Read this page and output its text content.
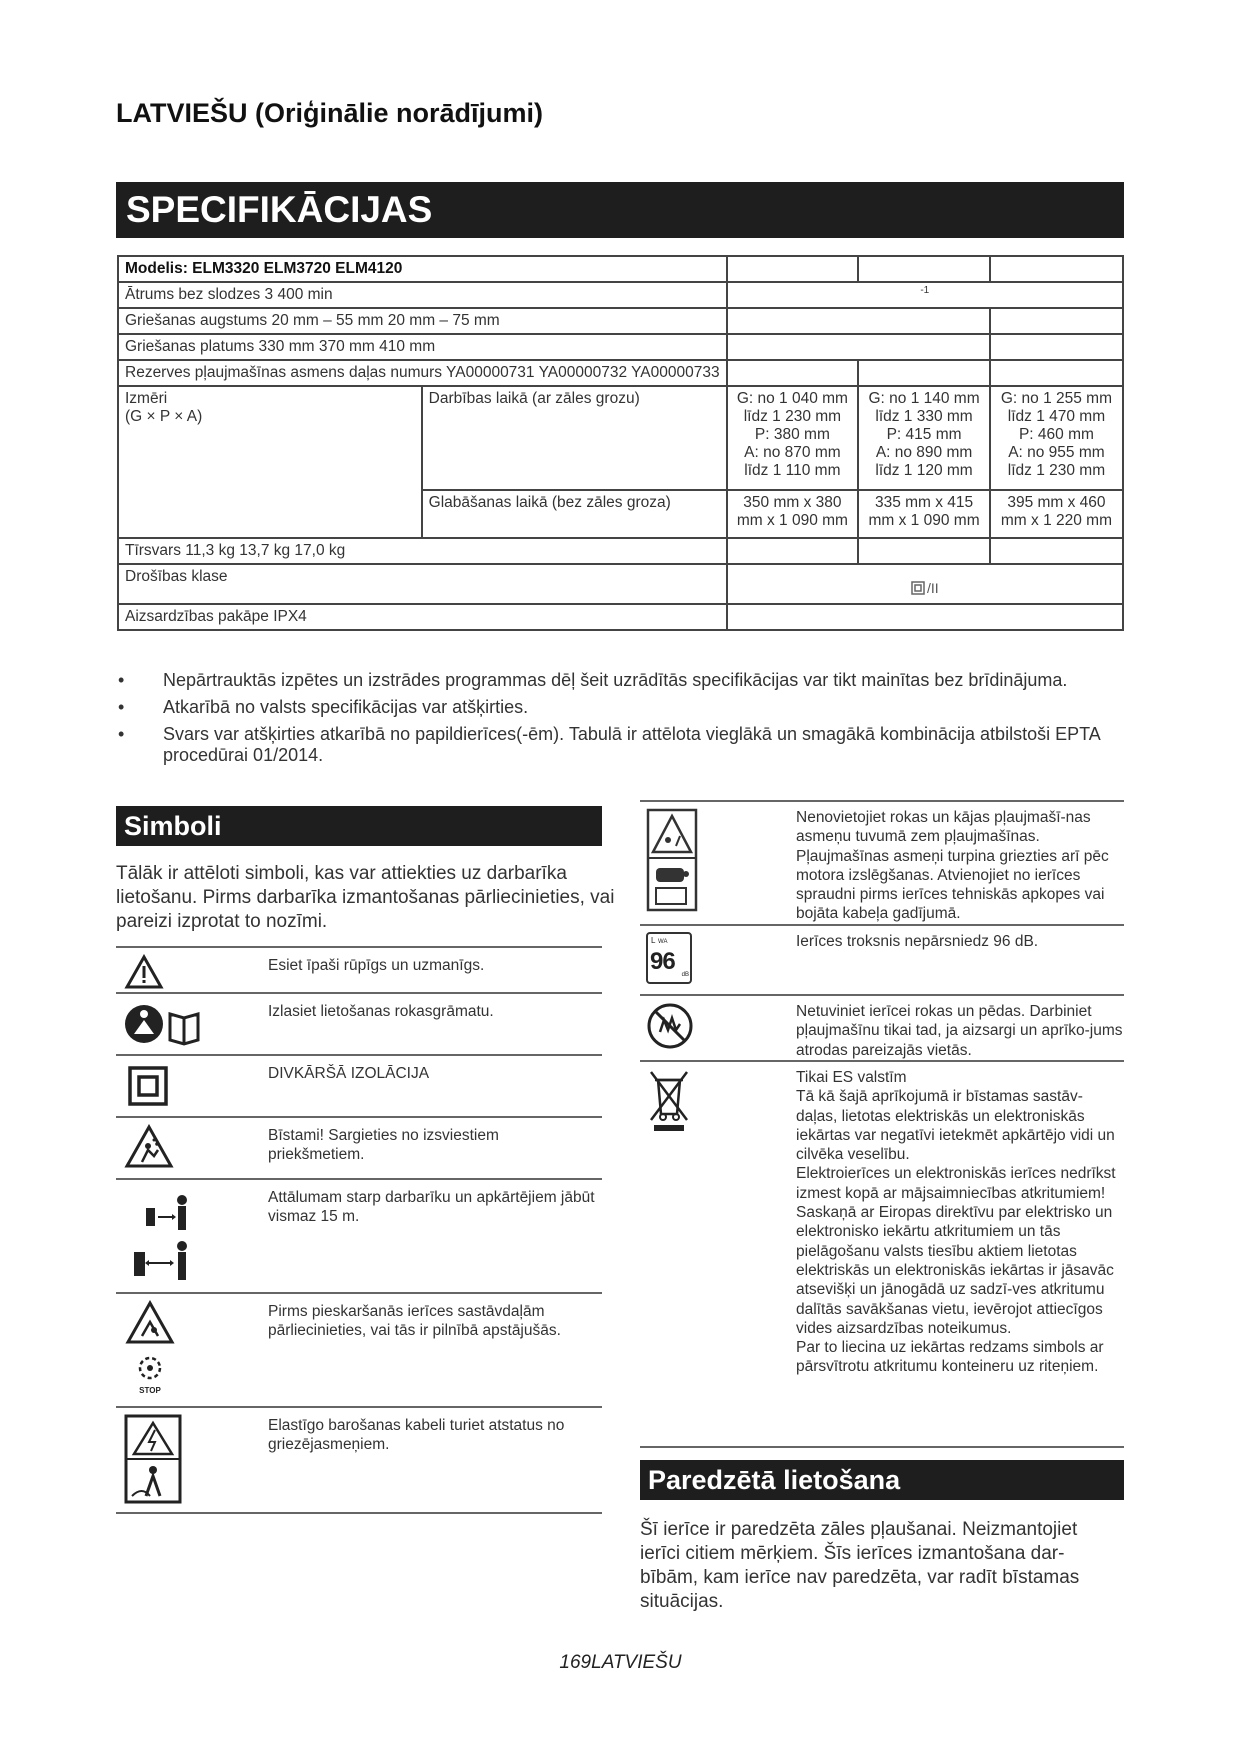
LATVIEŠU (Oriģinālie norādījumi)
SPECIFIKĀCIJAS
Modelis: ELM3320 ELM3720 ELM4120				
Ātrums bez slodzes 3 400 min		-1		
Griešanas augstums 20 mm – 55 mm 20 mm – 75 mm				
Griešanas platums 330 mm 370 mm 410 mm				
Rezerves pļaujmašīnas asmens daļas numurs YA00000731 YA00000732 YA00000733				
Izmēri
(G × P × A)	Darbības laikā (ar zāles grozu)	G: no 1 040 mm līdz 1 230 mm
P: 380 mm
A: no 870 mm līdz 1 110 mm	G: no 1 140 mm līdz 1 330 mm
P: 415 mm
A: no 890 mm līdz 1 120 mm	G: no 1 255 mm līdz 1 470 mm
P: 460 mm
A: no 955 mm līdz 1 230 mm
	Glabāšanas laikā (bez zāles groza)	350 mm x 380 mm x 1 090 mm	335 mm x 415 mm x 1 090 mm	395 mm x 460 mm x 1 220 mm
Tīrsvars 11,3 kg 13,7 kg 17,0 kg				
Drošības klase		/II		

Aizsardzības pakāpe IPX4				
• Nepārtrauktās izpētes un izstrādes programmas dēļ šeit uzrādītās specifikācijas var tikt mainītas bez brīdinājuma.
• Atkarībā no valsts specifikācijas var atšķirties.
• Svars var atšķirties atkarībā no papildierīces(-ēm). Tabulā ir attēlota vieglākā un smagākā kombinācija atbilstoši EPTA procedūrai 01/2014.
Simboli
Tālāk ir attēloti simboli, kas var attiekties uz darbarīka lietošanu. Pirms darbarīka izmantošanas pārliecinieties, vai pareizi izprotat to nozīmi.
Esiet īpaši rūpīgs un uzmanīgs.
Izlasiet lietošanas rokasgrāmatu.
DIVKĀRŠĀ IZOLĀCIJA
Bīstami! Sargieties no izsviestiem priekšmetiem.
Attālumam starp darbarīku un apkārtējiem jābūt vismaz 15 m.
STOP
Pirms pieskaršanās ierīces sastāvdaļām pārliecinieties, vai tās ir pilnībā apstājušās.
Elastīgo barošanas kabeli turiet atstatus no griezējasmeņiem.
Nenovietojiet rokas un kājas pļaujmašī-nas asmeņu tuvumā zem pļaujmašīnas. Pļaujmašīnas asmeņi turpina griezties arī pēc motora izslēgšanas. Atvienojiet no ierīces spraudni pirms ierīces tehniskās apkopes vai bojāta kabeļa gadījumā.
L WA
96 dB
Ierīces troksnis nepārsniedz 96 dB.
Netuviniet ierīcei rokas un pēdas. Darbiniet pļaujmašīnu tikai tad, ja aizsargi un aprīko-jums atrodas pareizajās vietās.
Tikai ES valstīm
Tā kā šajā aprīkojumā ir bīstamas sastāv-daļas, lietotas elektriskās un elektroniskās iekārtas var negatīvi ietekmēt apkārtējo vidi un cilvēka veselību.
Elektroierīces un elektroniskās ierīces nedrīkst izmest kopā ar mājsaimniecības atkritumiem!
Saskaņā ar Eiropas direktīvu par elektrisko un elektronisko iekārtu atkritumiem un tās pielāgošanu valsts tiesību aktiem lietotas elektriskās un elektroniskās iekārtas ir jāsavāc atsevišķi un jānogādā uz sadzī-ves atkritumu dalītās savākšanas vietu, ievērojot attiecīgos vides aizsardzības noteikumus.
Par to liecina uz iekārtas redzams simbols ar pārsvītrotu atkritumu konteineru uz riteņiem.
Paredzētā lietošana
Šī ierīce ir paredzēta zāles pļaušanai. Neizmantojiet ierīci citiem mērķiem. Šīs ierīces izmantošana dar-bībām, kam ierīce nav paredzēta, var radīt bīstamas situācijas.
169LATVIEŠU
